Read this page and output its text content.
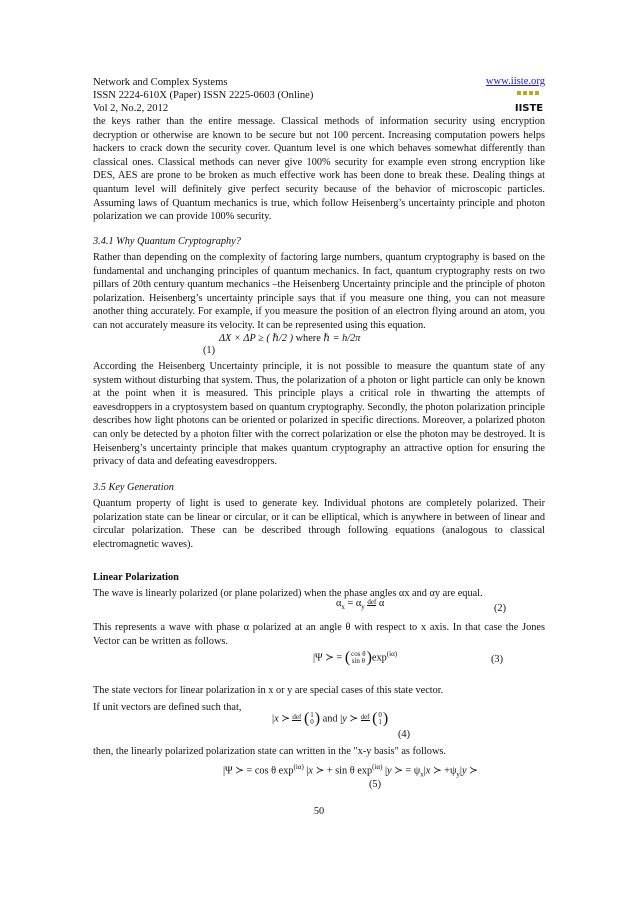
Network and Complex Systems	www.iiste.org
ISSN 2224-610X (Paper) ISSN 2225-0603 (Online)
Vol 2, No.2, 2012	IISTE

the keys rather than the entire message. Classical methods of information security using encryption decryption or otherwise are known to be secure but not 100 percent. Increasing computation powers helps hackers to crack down the security cover. Quantum level is one which behaves somewhat differently than classical ones. Classical methods can never give 100% security for example even strong encryption like DES, AES are prone to be broken as much effective work has been done to break these. Dealing things at quantum level will definitely give perfect security because of the behavior of microscopic particles. Assuming laws of Quantum mechanics is true, which follow Heisenberg’s uncertainty principle and photon polarization we can provide 100% security.

3.4.1 Why Quantum Cryptography?

Rather than depending on the complexity of factoring large numbers, quantum cryptography is based on the fundamental and unchanging principles of quantum mechanics. In fact, quantum cryptography rests on two pillars of 20th century quantum mechanics –the Heisenberg Uncertainty principle and the principle of photon polarization. Heisenberg’s uncertainty principle says that if you measure one thing, you can not measure another thing accurately. For example, if you measure the position of an electron flying around an atom, you can not accurately measure its velocity. It can be represented using this equation.

ΔX × ΔP ≥ ( ℏ/2 ) where ℏ = h/2π
(1)

According the Heisenberg Uncertainty principle, it is not possible to measure the quantum state of any system without disturbing that system. Thus, the polarization of a photon or light particle can only be known at the point when it is measured. This principle plays a critical role in thwarting the attempts of eavesdroppers in a cryptosystem based on quantum cryptography. Secondly, the photon polarization principle describes how light photons can be oriented or polarized in specific directions. Moreover, a polarized photon can only be detected by a photon filter with the correct polarization or else the photon may be destroyed. It is Heisenberg’s uncertainty principle that makes quantum cryptography an attractive option for ensuring the privacy of data and defeating eavesdroppers.

3.5 Key Generation

Quantum property of light is used to generate key. Individual photons are completely polarized. Their polarization state can be linear or circular, or it can be elliptical, which is anywhere in between of linear and circular polarization. These can be described through following equations (analogous to classical electromagnetic waves).

Linear Polarization

The wave is linearly polarized (or plane polarized) when the phase angles αx and αy are equal.

$\alpha_x = \alpha_y$
def α	(2)

This represents a wave with phase α polarized at an angle θ with respect to x axis. In that case the Jones Vector can be written as follows.

|Ψ ≻ = ( cos θ
sin θ ) $\exp^{(i\alpha)}$	(3)

The state vectors for linear polarization in x or y are special cases of this state vector.

If unit vectors are defined such that,

|x ≻ def
( 1
0 ) and |y ≻ def
( 0
1 )
(4)

then, the linearly polarized polarization state can written in the "x-y basis" as follows.

|Ψ ≻ = cos θ $\exp^{(i\alpha)} |x$ ≻ + sin θ $\exp^{(i\alpha)} |y$ ≻ = $\psi_x|x$ ≻ $+\psi_y|y$ ≻
(5)
50
